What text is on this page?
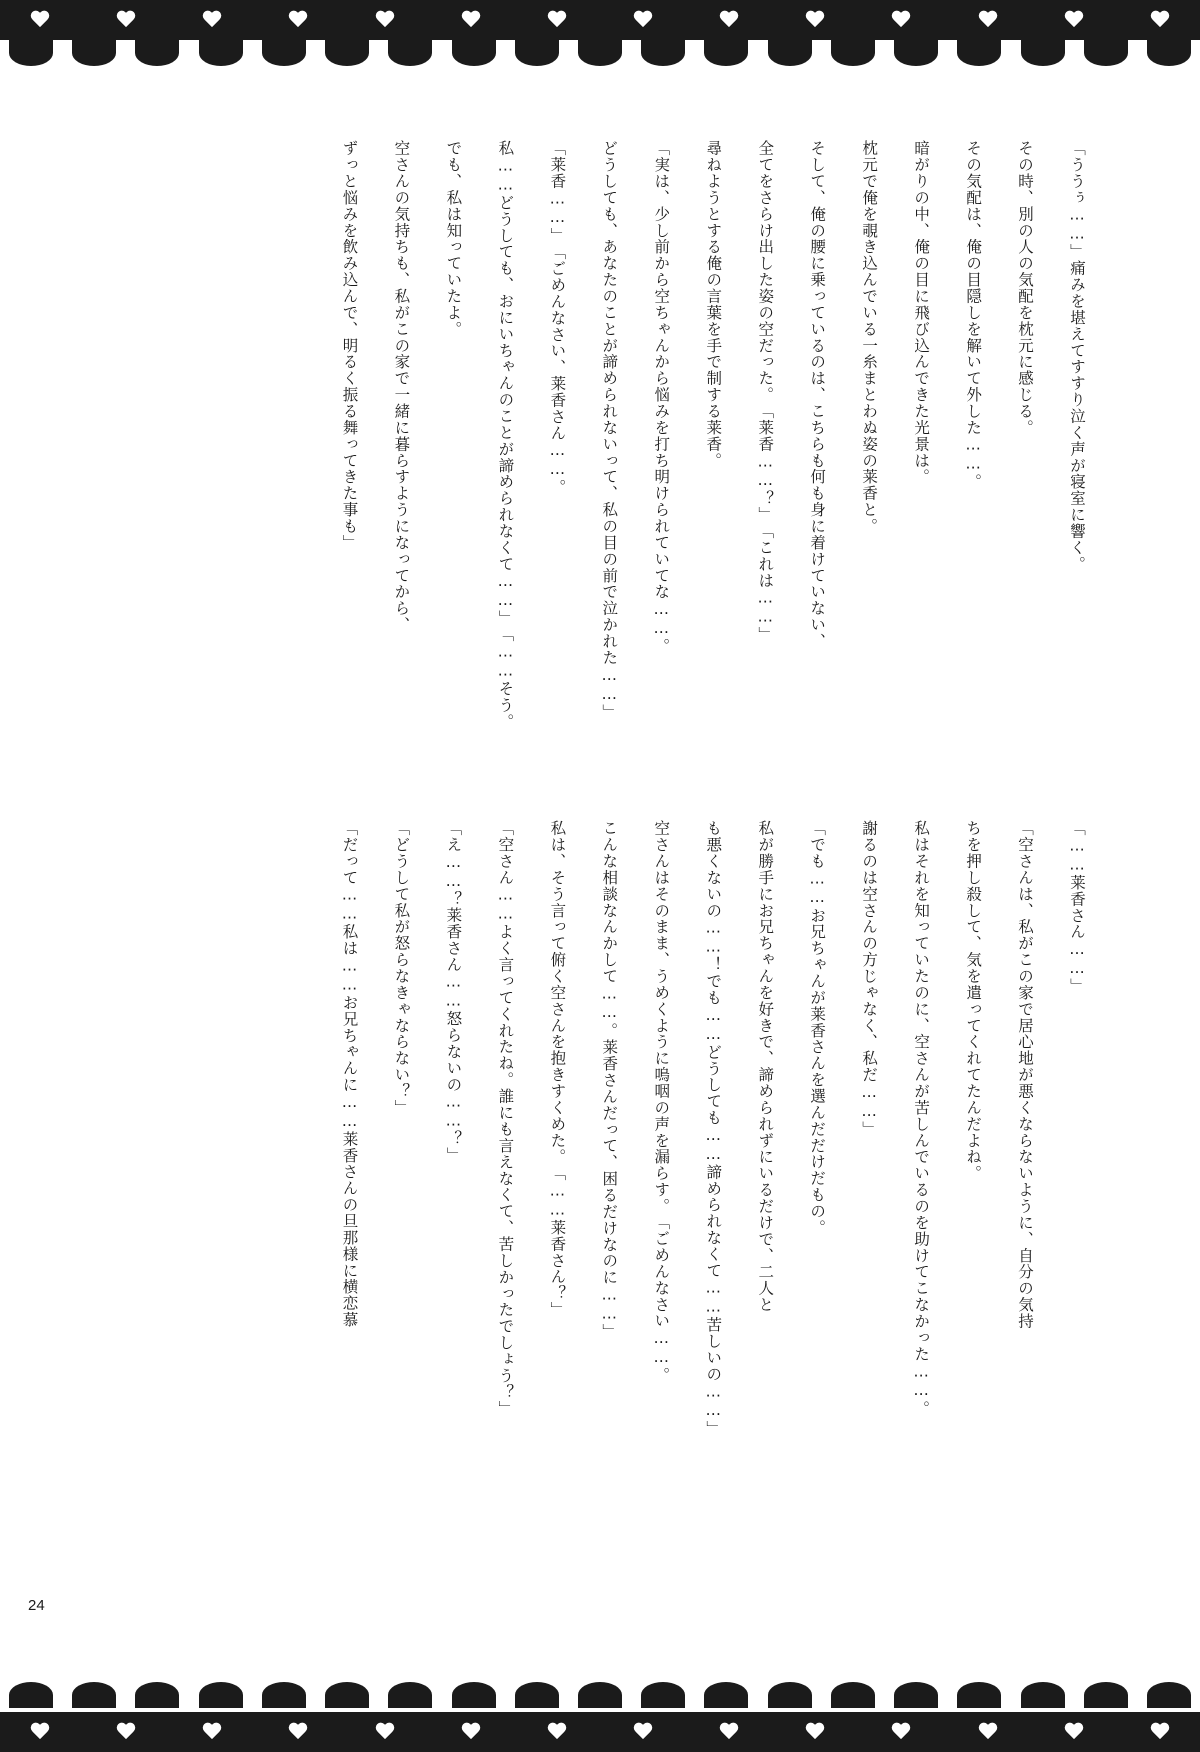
「ううぅ……」痛みを堪えてすすり泣く声が寝室に響く。その時、別の人の気配を枕元に感じる。その気配は、俺の目隠しを解いて外した……。暗がりの中、俺の目に飛び込んできた光景は。枕元で俺を覗き込んでいる一糸まとわぬ姿の莱香と。そして、俺の腰に乗っているのは、こちらも何も身に着けていない、全てをさらけ出した姿の空だった。「莱香……？」「これは……」尋ねようとする俺の言葉を手で制する莱香。「実は、少し前から空ちゃんから悩みを打ち明けられていてな……。どうしても、あなたのことが諦められないって、私の目の前で泣かれた……」「莱香……」「ごめんなさい、莱香さん……。私……どうしても、おにいちゃんのことが諦められなくて……」「……そう。でも、私は知っていたよ。空さんの気持ちも、私がこの家で一緒に暮らすようになってから、ずっと悩みを飲み込んで、明るく振る舞ってきた事も」
「……莱香さん……」「空さんは、私がこの家で居心地が悪くならないように、自分の気持ちを押し殺して、気を遣ってくれてたんだよね。私はそれを知っていたのに、空さんが苦しんでいるのを助けてこなかった……。謝るのは空さんの方じゃなく、私だ……」「でも……お兄ちゃんが莱香さんを選んだだけだもの。私が勝手にお兄ちゃんを好きで、諦められずにいるだけで、二人とも悪くないの……！でも……どうしても……諦められなくて……苦しいの……」空さんはそのまま、うめくように嗚咽の声を漏らす。「ごめんなさい……。こんな相談なんかして……。莱香さんだって、困るだけなのに……」私は、そう言って俯く空さんを抱きすくめた。「……莱香さん？」「空さん……よく言ってくれたね。誰にも言えなくて、苦しかったでしょう？」「え……？莱香さん……怒らないの……？」「どうして私が怒らなきゃならない？」「だって……私は……お兄ちゃんに……莱香さんの旦那様に横恋慕
24
